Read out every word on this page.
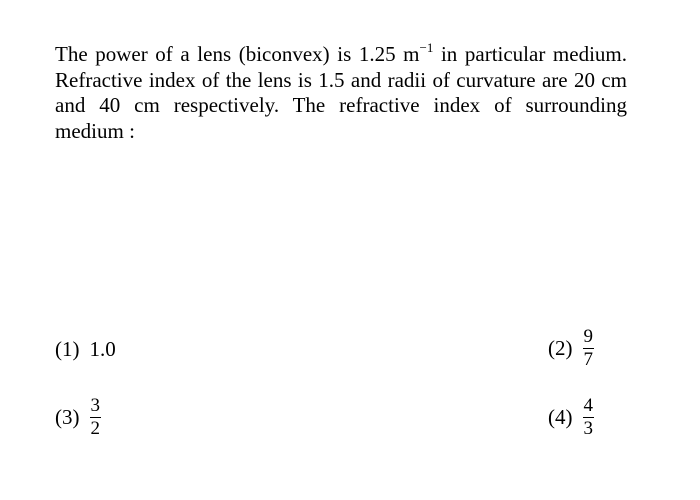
The power of a lens (biconvex) is 1.25 $m^{-1}$ in particular medium. Refractive index of the lens is 1.5 and radii of curvature are 20 cm and 40 cm respectively. The refractive index of surrounding medium :
(1) 1.0	$(2) \frac{9}{7}$
$(3) \frac{3}{2}$	$(4) \frac{4}{3}$
